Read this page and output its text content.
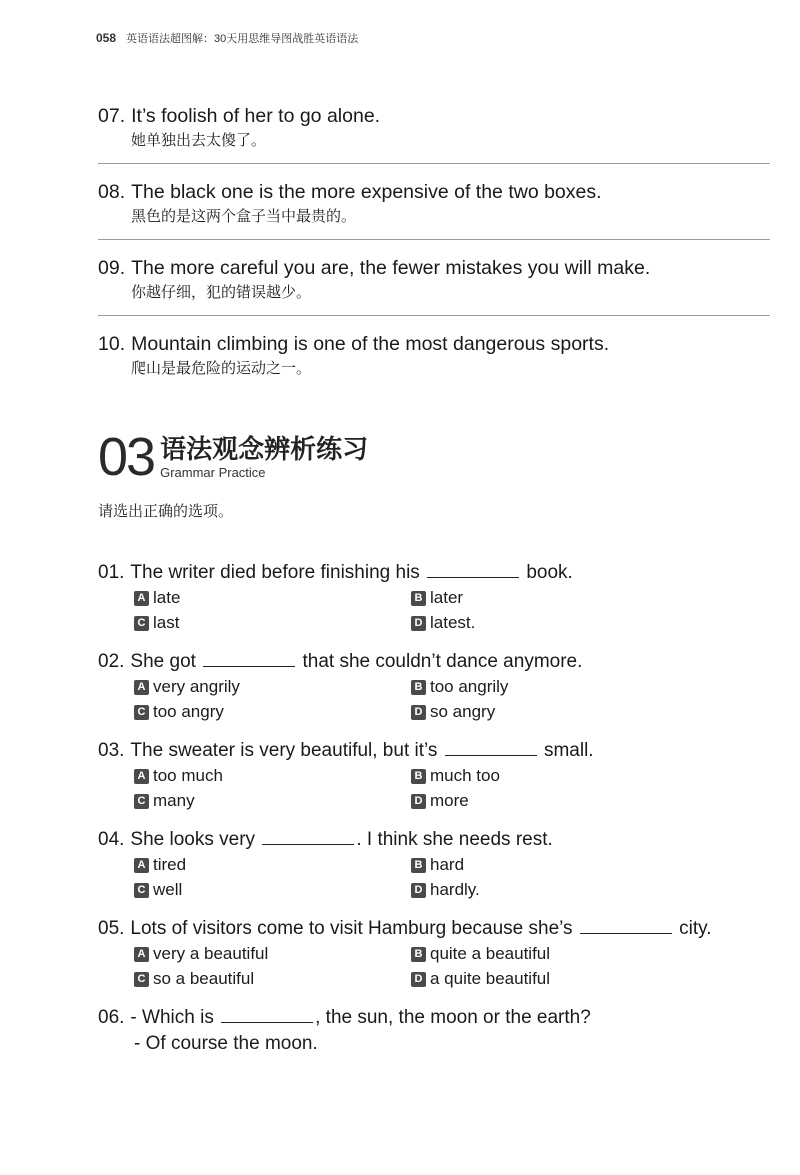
058 英语语法超图解：30天用思维导图战胜英语语法
07. It’s foolish of her to go alone.
她单独出去太傻了。
08. The black one is the more expensive of the two boxes.
黑色的是这两个盒子当中最贵的。
09. The more careful you are, the fewer mistakes you will make.
你越仔细，犯的错误越少。
10. Mountain climbing is one of the most dangerous sports.
爬山是最危险的运动之一。
03 语法观念辨析练习
Grammar Practice
请选出正确的选项。
01. The writer died before finishing his	book.
A late	B later
C last	D latest.
02. She got	that she couldn’t dance anymore.
A very angrily	B too angrily
C too angry	D so angry
03. The sweater is very beautiful, but it’s	small.
A too much	B much too
C many	D more
04. She looks very	. I think she needs rest.
A tired	B hard
C well	D hardly.
05. Lots of visitors come to visit Hamburg because she’s	city.
A very a beautiful	B quite a beautiful
C so a beautiful	D a quite beautiful
06. - Which is	, the sun, the moon or the earth?
- Of course the moon.
